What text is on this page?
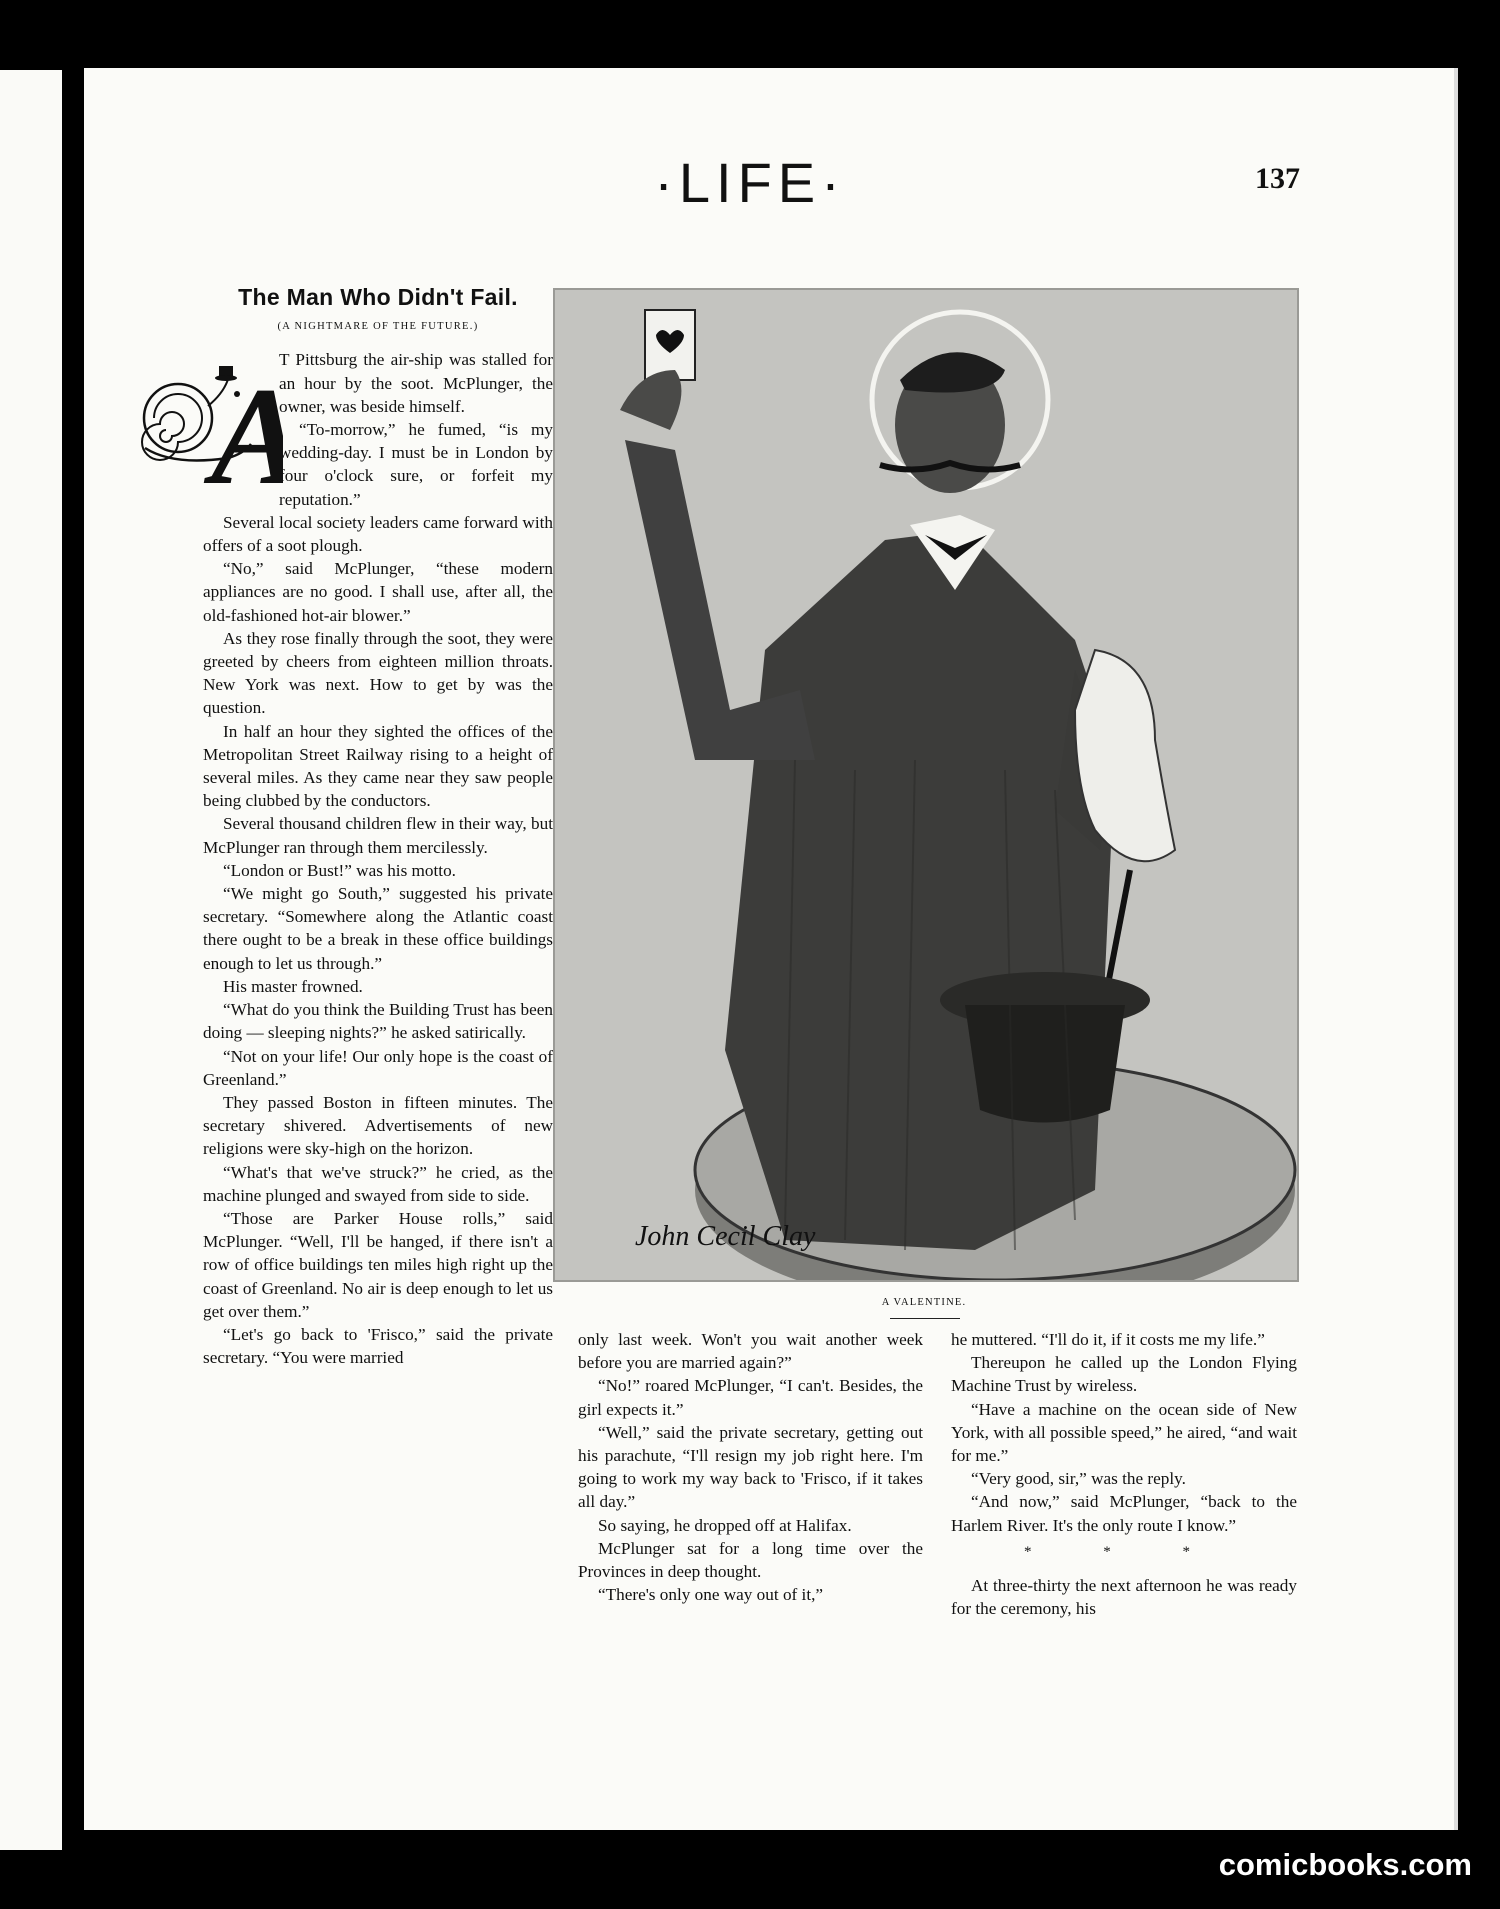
·LIFE·	137
The Man Who Didn't Fail.
(A NIGHTMARE OF THE FUTURE.)

T Pittsburg the air-ship was stalled for an hour by the soot. McPlunger, the owner, was beside himself.

“To-morrow,” he fumed, “is my wedding-day. I must be in London by four o'clock sure, or forfeit my reputation.”

Several local society leaders came forward with offers of a soot plough.

“No,” said McPlunger, “these modern appliances are no good. I shall use, after all, the old-fashioned hot-air blower.”

As they rose finally through the soot, they were greeted by cheers from eighteen million throats. New York was next. How to get by was the question.

In half an hour they sighted the offices of the Metropolitan Street Railway rising to a height of several miles. As they came near they saw people being clubbed by the conductors.

Several thousand children flew in their way, but McPlunger ran through them mercilessly.

“London or Bust!” was his motto.

“We might go South,” suggested his private secretary. “Somewhere along the Atlantic coast there ought to be a break in these office buildings enough to let us through.”

His master frowned.

“What do you think the Building Trust has been doing — sleeping nights?” he asked satirically.

“Not on your life! Our only hope is the coast of Greenland.”

They passed Boston in fifteen minutes. The secretary shivered. Advertisements of new religions were sky-high on the horizon.

“What's that we've struck?” he cried, as the machine plunged and swayed from side to side.

“Those are Parker House rolls,” said McPlunger. “Well, I'll be hanged, if there isn't a row of office buildings ten miles high right up the coast of Greenland. No air is deep enough to let us get over them.”

“Let's go back to 'Frisco,” said the private secretary. “You were married

John Cecil Clay
A VALENTINE.

only last week. Won't you wait another week before you are married again?”

“No!” roared McPlunger, “I can't. Besides, the girl expects it.”

“Well,” said the private secretary, getting out his parachute, “I'll resign my job right here. I'm going to work my way back to 'Frisco, if it takes all day.”

So saying, he dropped off at Halifax.

McPlunger sat for a long time over the Provinces in deep thought.

“There's only one way out of it,”

he muttered. “I'll do it, if it costs me my life.”

Thereupon he called up the London Flying Machine Trust by wireless.

“Have a machine on the ocean side of New York, with all possible speed,” he aired, “and wait for me.”

“Very good, sir,” was the reply.

“And now,” said McPlunger, “back to the Harlem River. It's the only route I know.”

* * *

At three-thirty the next afternoon he was ready for the ceremony, his

comicbooks.com
